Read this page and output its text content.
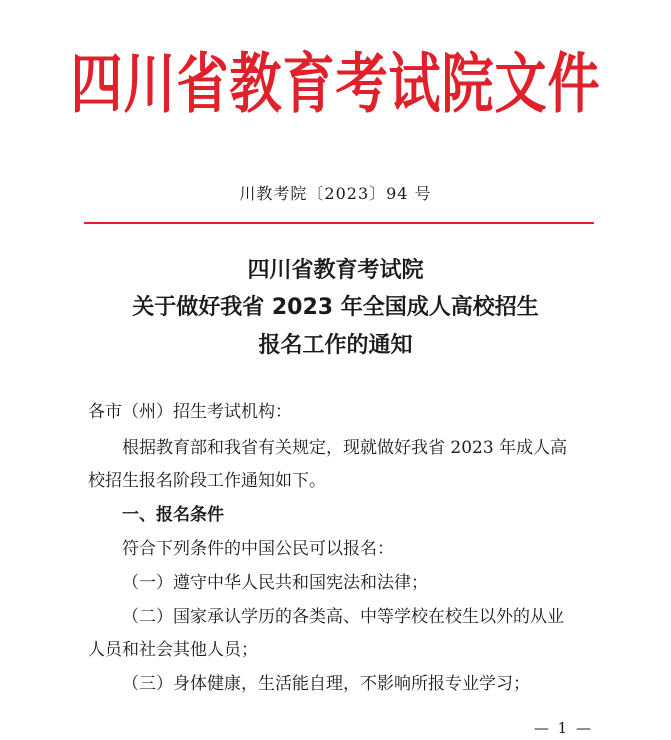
四川省教育考试院文件
川教考院〔2023〕94 号
四川省教育考试院
关于做好我省 2023 年全国成人高校招生
报名工作的通知
各市（州）招生考试机构：
根据教育部和我省有关规定，现就做好我省 2023 年成人高
校招生报名阶段工作通知如下。
一、报名条件
符合下列条件的中国公民可以报名：
（一）遵守中华人民共和国宪法和法律；
（二）国家承认学历的各类高、中等学校在校生以外的从业
人员和社会其他人员；
（三）身体健康，生活能自理，不影响所报专业学习；
— 1 —
